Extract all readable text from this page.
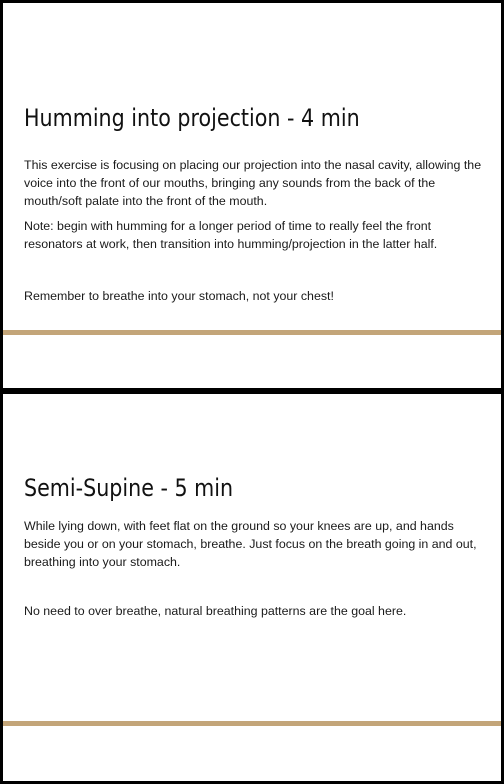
Humming into projection - 4 min

This exercise is focusing on placing our projection into the nasal cavity, allowing the voice into the front of our mouths, bringing any sounds from the back of the mouth/soft palate into the front of the mouth.

Note: begin with humming for a longer period of time to really feel the front resonators at work, then transition into humming/projection in the latter half.

Remember to breathe into your stomach, not your chest!

Semi-Supine - 5 min

While lying down, with feet flat on the ground so your knees are up, and hands beside you or on your stomach, breathe. Just focus on the breath going in and out, breathing into your stomach.

No need to over breathe, natural breathing patterns are the goal here.
